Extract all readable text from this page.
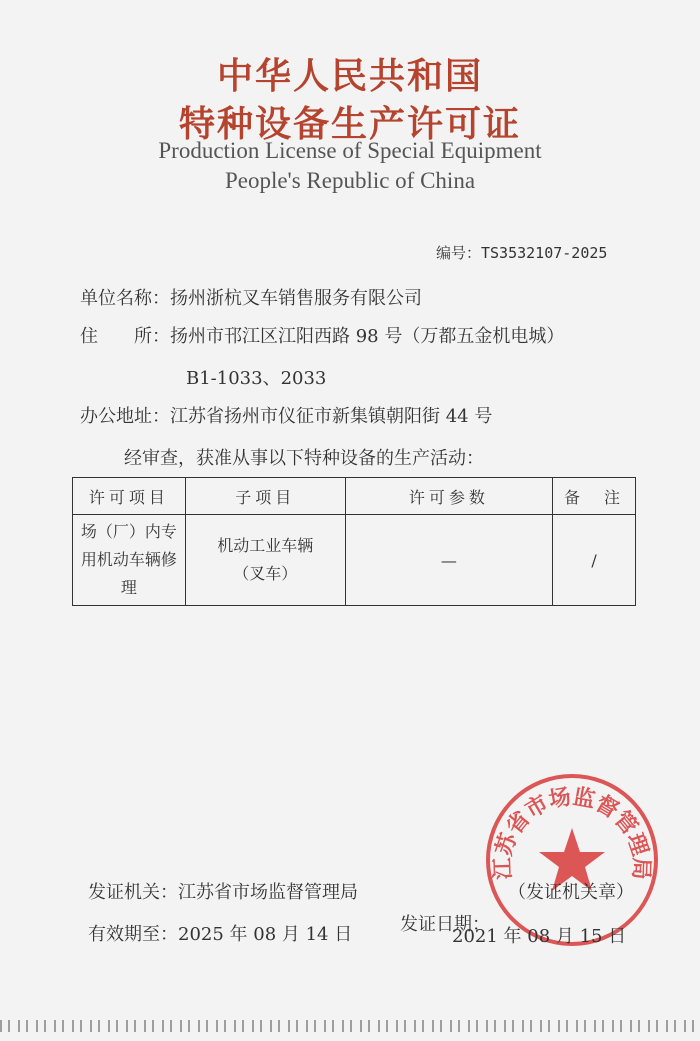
中华人民共和国
特种设备生产许可证
Production License of Special Equipment
People's Republic of China
编号：TS3532107-2025
单位名称：扬州浙杭叉车销售服务有限公司
住　　所：扬州市邗江区江阳西路 98 号（万都五金机电城）
B1-1033、2033
办公地址：江苏省扬州市仪征市新集镇朝阳街 44 号
经审查，获准从事以下特种设备的生产活动：
许可项目	子项目	许可参数	备　注
场（厂）内专用机动车辆修理	机动工业车辆（叉车）	—	/
江苏省市场监督管理局
发证机关：江苏省市场监督管理局	（发证机关章）
有效期至：2025 年 08 月 14 日	发证日期：
2021 年 08 月 15 日
